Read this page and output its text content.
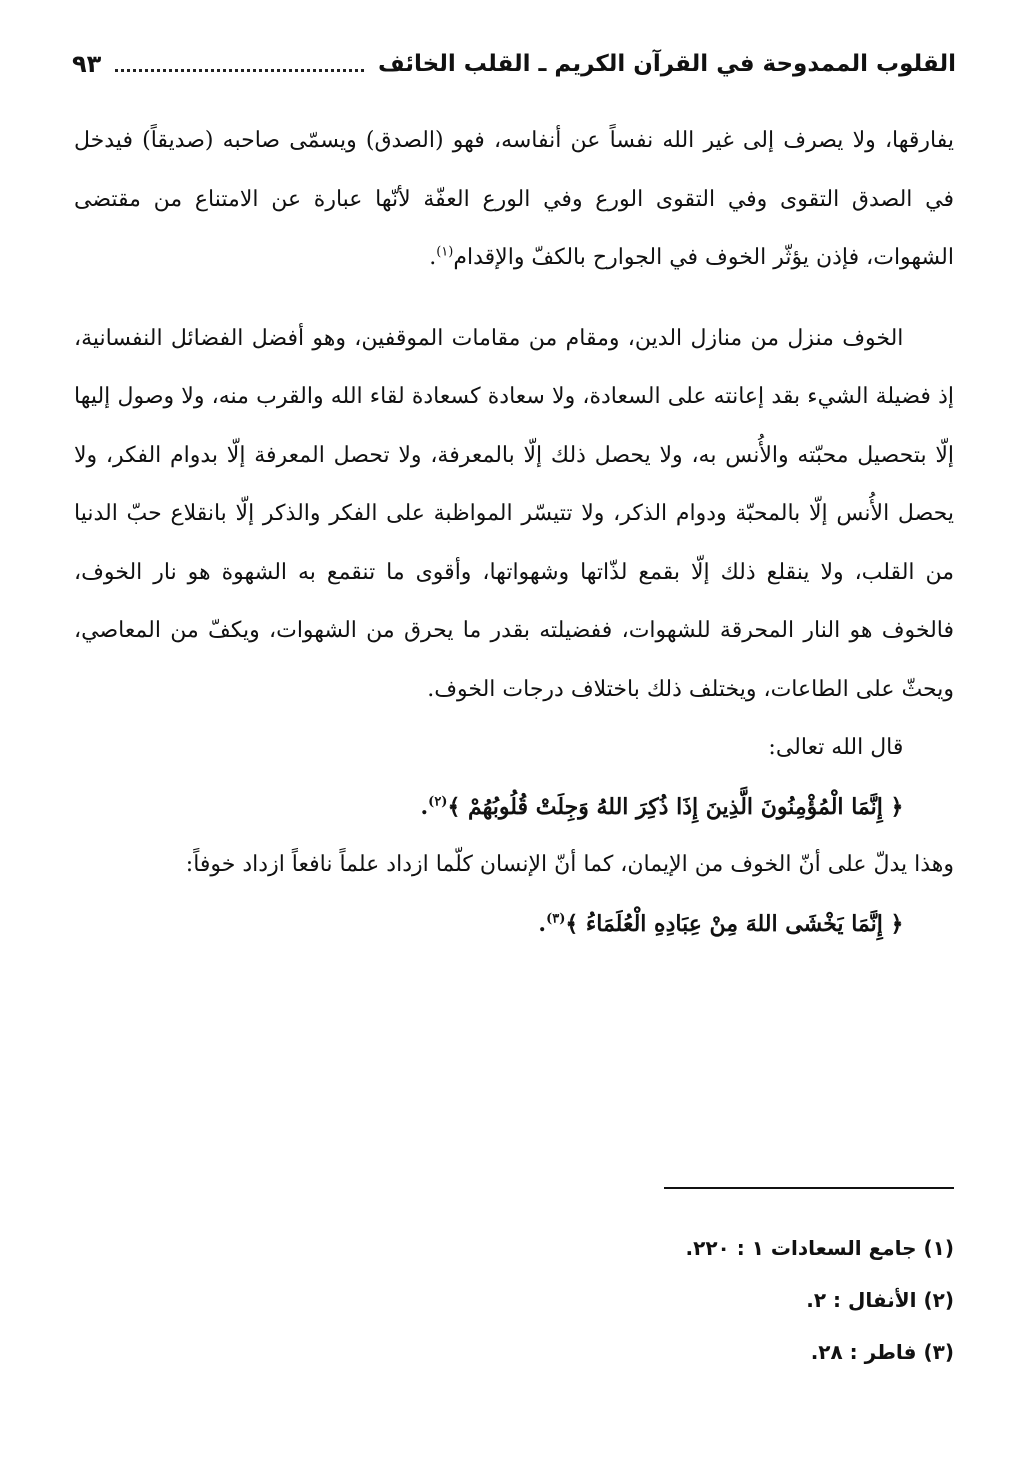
القلوب الممدوحة في القرآن الكريم ـ القلب الخائف
٩٣

يفارقها، ولا يصرف إلى غير الله نفساً عن أنفاسه، فهو (الصدق) ويسمّى صاحبه (صديقاً) فيدخل في الصدق التقوى وفي التقوى الورع وفي الورع العفّة لأنّها عبارة عن الامتناع من مقتضى الشهوات، فإذن يؤثّر الخوف في الجوارح بالكفّ والإقدام$^{(١)}$.

الخوف منزل من منازل الدين، ومقام من مقامات الموقفين، وهو أفضل الفضائل النفسانية، إذ فضيلة الشيء بقد إعانته على السعادة، ولا سعادة كسعادة لقاء الله والقرب منه، ولا وصول إليها إلّا بتحصيل محبّته والأُنس به، ولا يحصل ذلك إلّا بالمعرفة، ولا تحصل المعرفة إلّا بدوام الفكر، ولا يحصل الأُنس إلّا بالمحبّة ودوام الذكر، ولا تتيسّر المواظبة على الفكر والذكر إلّا بانقلاع حبّ الدنيا من القلب، ولا ينقلع ذلك إلّا بقمع لذّاتها وشهواتها، وأقوى ما تنقمع به الشهوة هو نار الخوف، فالخوف هو النار المحرقة للشهوات، ففضيلته بقدر ما يحرق من الشهوات، ويكفّ من المعاصي، ويحثّ على الطاعات، ويختلف ذلك باختلاف درجات الخوف.

قال الله تعالى:

﴿ إِنَّمَا الْمُؤْمِنُونَ الَّذِينَ إِذَا ذُكِرَ اللهُ وَجِلَتْ قُلُوبُهُمْ ﴾$^{(٢)}$.

وهذا يدلّ على أنّ الخوف من الإيمان، كما أنّ الإنسان كلّما ازداد علماً نافعاً ازداد خوفاً:

﴿ إِنَّمَا يَخْشَى اللهَ مِنْ عِبَادِهِ الْعُلَمَاءُ ﴾$^{(٣)}$.

(١) جامع السعادات ١ : ٢٢٠.
(٢) الأنفال : ٢.
(٣) فاطر : ٢٨.
